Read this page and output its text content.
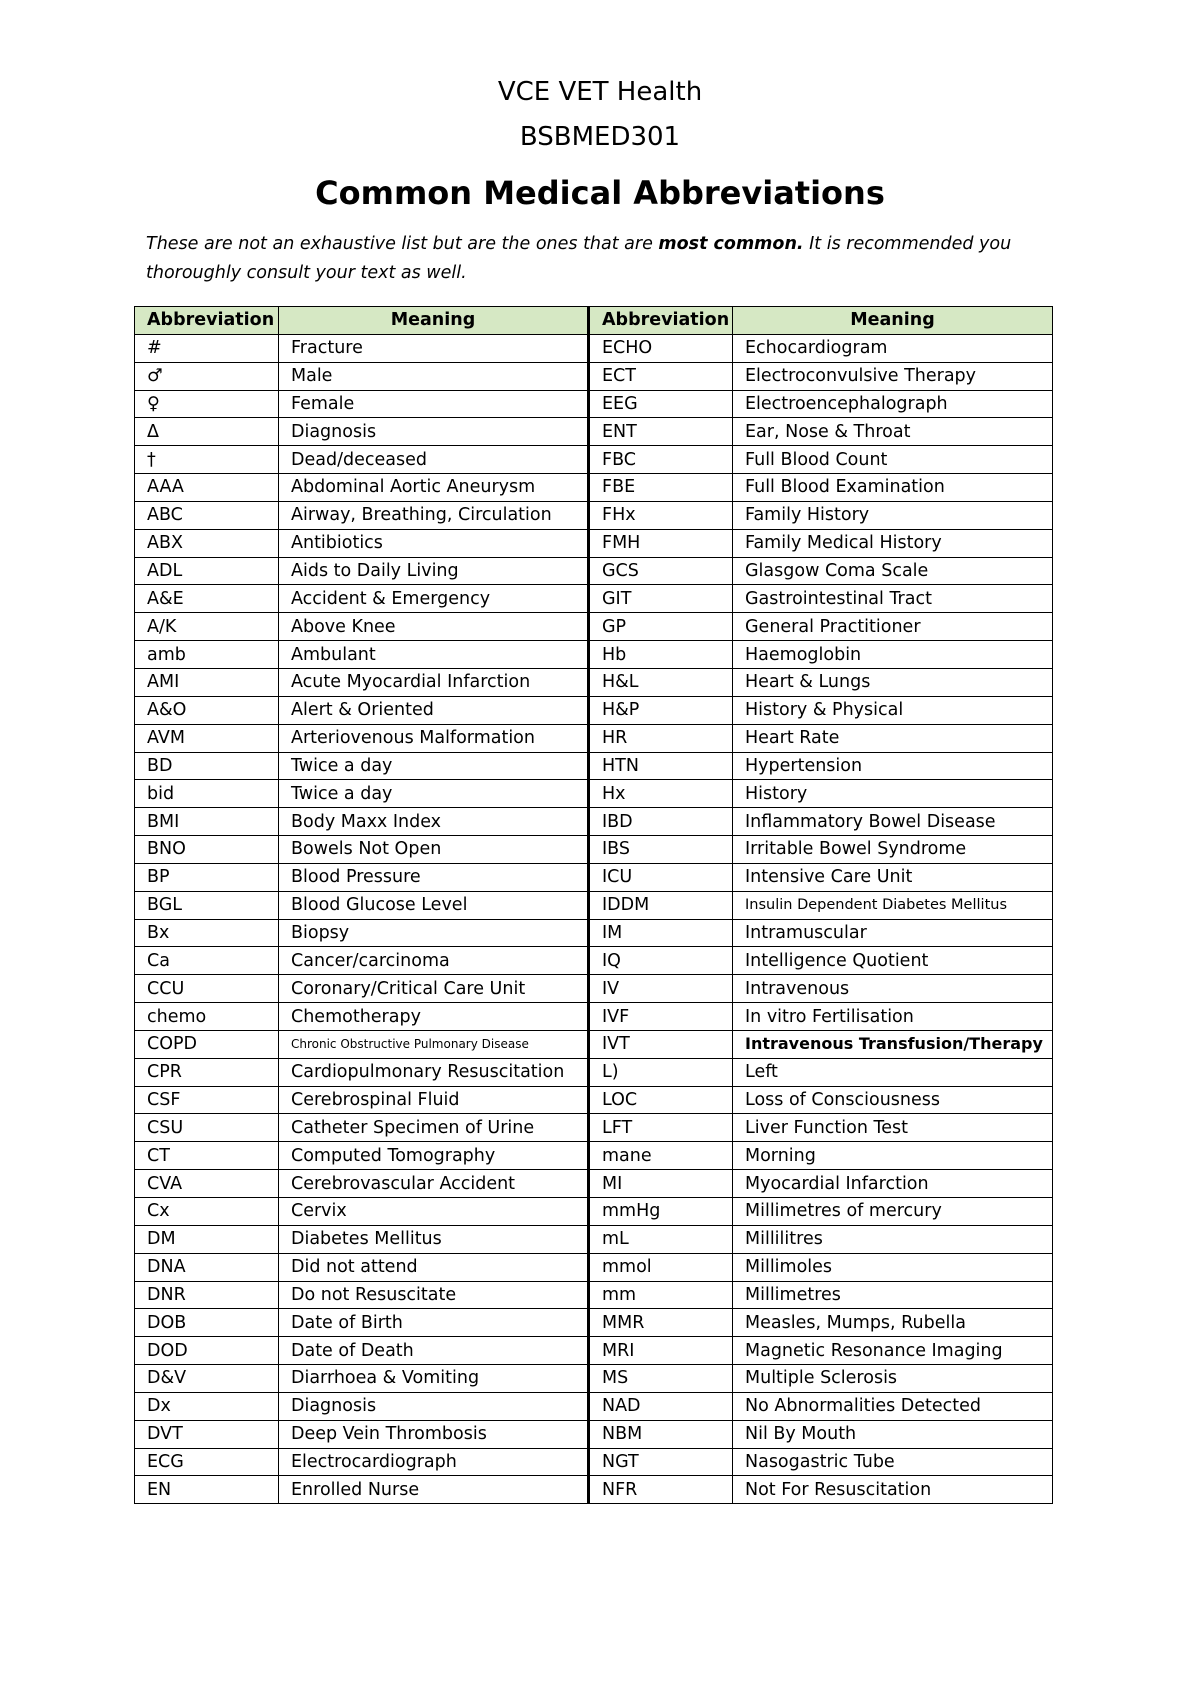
VCE VET Health
BSBMED301
Common Medical Abbreviations
These are not an exhaustive list but are the ones that are most common. It is recommended you thoroughly consult your text as well.
Abbreviation	Meaning	Abbreviation	Meaning
#	Fracture	ECHO	Echocardiogram
♂	Male	ECT	Electroconvulsive Therapy
♀	Female	EEG	Electroencephalograph
Δ	Diagnosis	ENT	Ear, Nose & Throat
†	Dead/deceased	FBC	Full Blood Count
AAA	Abdominal Aortic Aneurysm	FBE	Full Blood Examination
ABC	Airway, Breathing, Circulation	FHx	Family History
ABX	Antibiotics	FMH	Family Medical History
ADL	Aids to Daily Living	GCS	Glasgow Coma Scale
A&E	Accident & Emergency	GIT	Gastrointestinal Tract
A/K	Above Knee	GP	General Practitioner
amb	Ambulant	Hb	Haemoglobin
AMI	Acute Myocardial Infarction	H&L	Heart & Lungs
A&O	Alert & Oriented	H&P	History & Physical
AVM	Arteriovenous Malformation	HR	Heart Rate
BD	Twice a day	HTN	Hypertension
bid	Twice a day	Hx	History
BMI	Body Maxx Index	IBD	Inflammatory Bowel Disease
BNO	Bowels Not Open	IBS	Irritable Bowel Syndrome
BP	Blood Pressure	ICU	Intensive Care Unit
BGL	Blood Glucose Level	IDDM	Insulin Dependent Diabetes Mellitus
Bx	Biopsy	IM	Intramuscular
Ca	Cancer/carcinoma	IQ	Intelligence Quotient
CCU	Coronary/Critical Care Unit	IV	Intravenous
chemo	Chemotherapy	IVF	In vitro Fertilisation
COPD	Chronic Obstructive Pulmonary Disease	IVT	Intravenous Transfusion/Therapy
CPR	Cardiopulmonary Resuscitation	L)	Left
CSF	Cerebrospinal Fluid	LOC	Loss of Consciousness
CSU	Catheter Specimen of Urine	LFT	Liver Function Test
CT	Computed Tomography	mane	Morning
CVA	Cerebrovascular Accident	MI	Myocardial Infarction
Cx	Cervix	mmHg	Millimetres of mercury
DM	Diabetes Mellitus	mL	Millilitres
DNA	Did not attend	mmol	Millimoles
DNR	Do not Resuscitate	mm	Millimetres
DOB	Date of Birth	MMR	Measles, Mumps, Rubella
DOD	Date of Death	MRI	Magnetic Resonance Imaging
D&V	Diarrhoea & Vomiting	MS	Multiple Sclerosis
Dx	Diagnosis	NAD	No Abnormalities Detected
DVT	Deep Vein Thrombosis	NBM	Nil By Mouth
ECG	Electrocardiograph	NGT	Nasogastric Tube
EN	Enrolled Nurse	NFR	Not For Resuscitation
